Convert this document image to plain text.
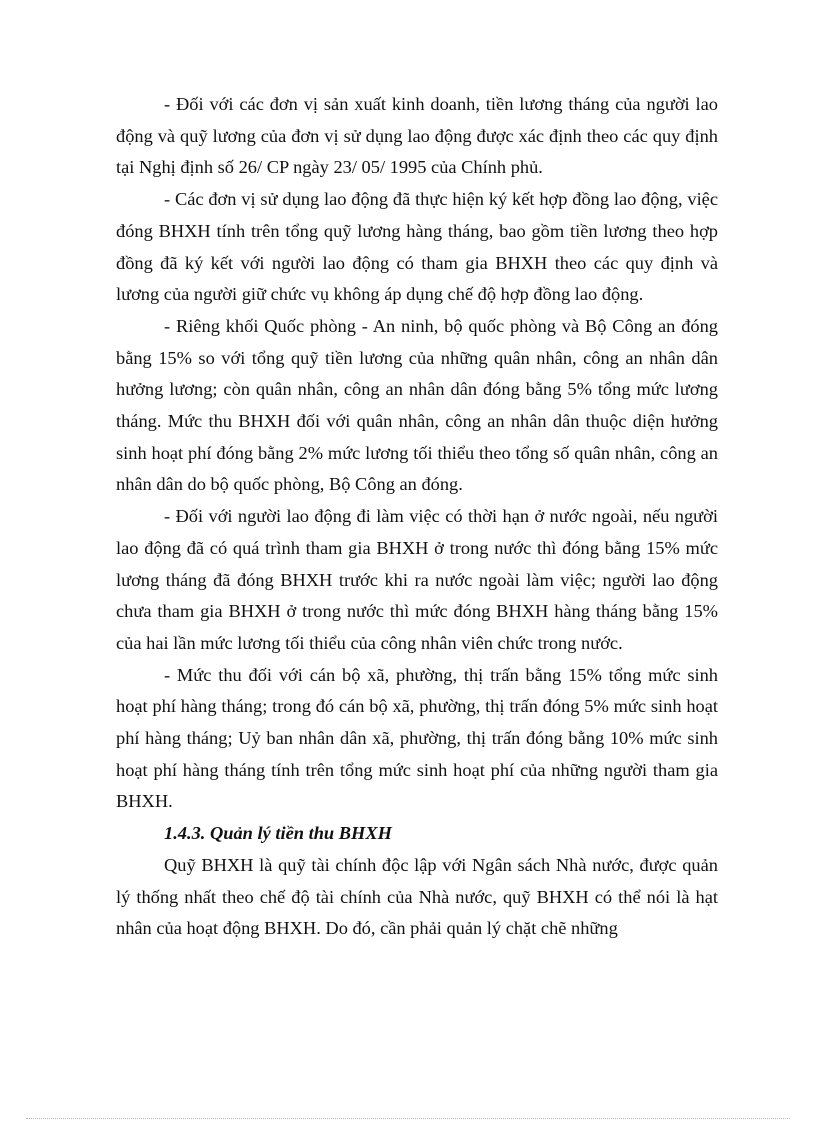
- Đối với các đơn vị sản xuất kinh doanh, tiền lương tháng của người lao động và quỹ lương của đơn vị sử dụng lao động được xác định theo các quy định tại Nghị định số 26/ CP ngày 23/ 05/ 1995 của Chính phủ.

- Các đơn vị sử dụng lao động đã thực hiện ký kết hợp đồng lao động, việc đóng BHXH tính trên tổng quỹ lương hàng tháng, bao gồm tiền lương theo hợp đồng đã ký kết với người lao động có tham gia BHXH theo các quy định và lương của người giữ chức vụ không áp dụng chế độ hợp đồng lao động.

- Riêng khối Quốc phòng - An ninh, bộ quốc phòng và Bộ Công an đóng bằng 15% so với tổng quỹ tiền lương của những quân nhân, công an nhân dân hưởng lương; còn quân nhân, công an nhân dân đóng bằng 5% tổng mức lương tháng. Mức thu BHXH đối với quân nhân, công an nhân dân thuộc diện hưởng sinh hoạt phí đóng bằng 2% mức lương tối thiểu theo tổng số quân nhân, công an nhân dân do bộ quốc phòng, Bộ Công an đóng.

- Đối với người lao động đi làm việc có thời hạn ở nước ngoài, nếu người lao động đã có quá trình tham gia BHXH ở trong nước thì đóng bằng 15% mức lương tháng đã đóng BHXH trước khi ra nước ngoài làm việc; người lao động chưa tham gia BHXH ở trong nước thì mức đóng BHXH hàng tháng bằng 15% của hai lần mức lương tối thiểu của công nhân viên chức trong nước.

- Mức thu đối với cán bộ xã, phường, thị trấn bằng 15% tổng mức sinh hoạt phí hàng tháng; trong đó cán bộ xã, phường, thị trấn đóng 5% mức sinh hoạt phí hàng tháng; Uỷ ban nhân dân xã, phường, thị trấn đóng bằng 10% mức sinh hoạt phí hàng tháng tính trên tổng mức sinh hoạt phí của những người tham gia BHXH.

1.4.3. Quản lý tiền thu BHXH

Quỹ BHXH là quỹ tài chính độc lập với Ngân sách Nhà nước, được quản lý thống nhất theo chế độ tài chính của Nhà nước, quỹ BHXH có thể nói là hạt nhân của hoạt động BHXH. Do đó, cần phải quản lý chặt chẽ những
